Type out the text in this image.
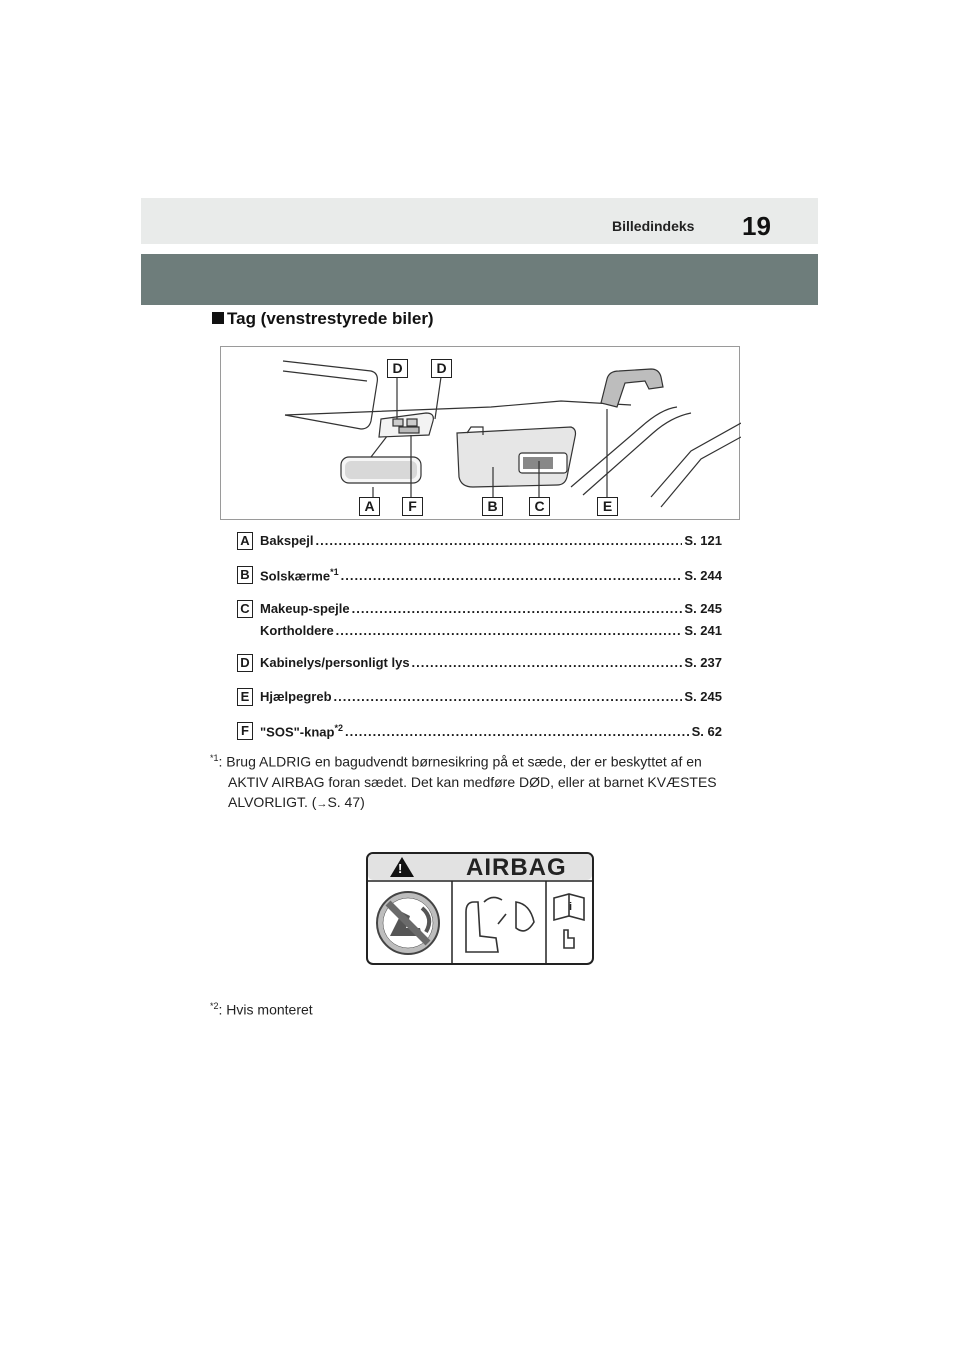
Billedindeks 19
Tag (venstrestyrede biler)
D	D
A	F	B	C	E
A Bakspejl .....	S. 121
B Solskærme$^{*1}$ .....	S. 244
C Makeup-spejle .....	S. 245
Kortholdere .....	S. 241
D Kabinelys/personligt lys .....	S. 237
E Hjælpegreb .....	S. 245
F "SOS"-knap$^{*2}$ .....	S. 62
$^{*1}$: Brug ALDRIG en bagudvendt børnesikring på et sæde, der er beskyttet af en
AKTIV AIRBAG foran sædet. Det kan medføre DØD, eller at barnet KVÆSTES
ALVORLIGT. (→S. 47)
i
AIRBAG
!
$^{*2}$: Hvis monteret
